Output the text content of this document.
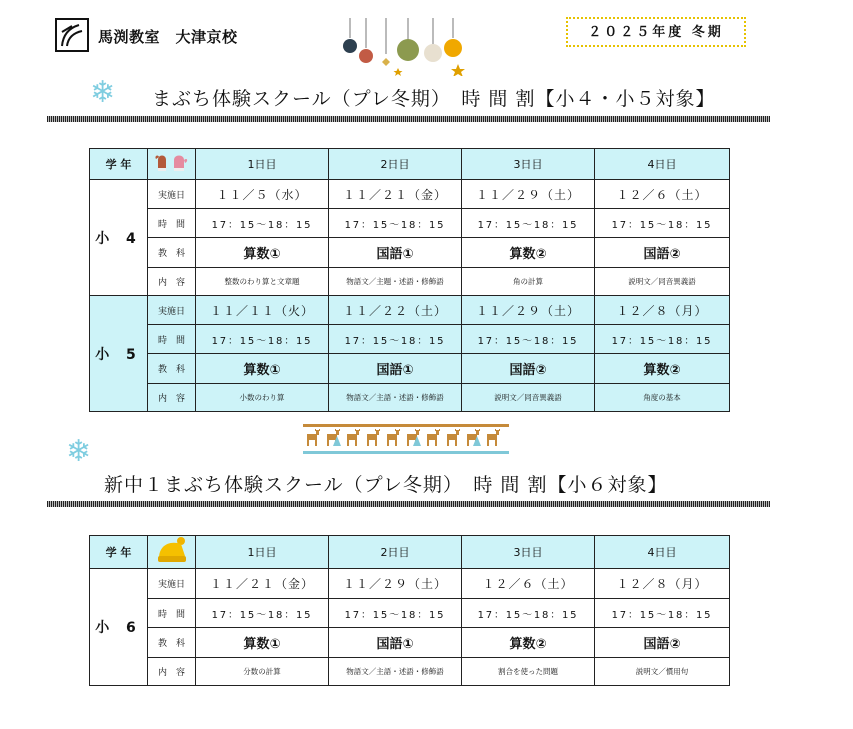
馬渕教室　大津京校	２０２５年度 冬期
❄ まぶち体験スクール（プレ冬期）　時 間 割【小４・小５対象】
学 年		1日目	2日目	3日目	4日目
小 4	実施日	１１／５（水）	１１／２１（金）	１１／２９（土）	１２／６（土）
	時　間	17：15～18：15	17：15～18：15	17：15～18：15	17：15～18：15
	教　科	算数①	国語①	算数②	国語②
	内　容	整数のわり算と文章題	物語文／主題・述語・修飾語	角の計算	説明文／同音異義語
小 5	実施日	１１／１１（火）	１１／２２（土）	１１／２９（土）	１２／８（月）
	時　間	17：15～18：15	17：15～18：15	17：15～18：15	17：15～18：15
	教　科	算数①	国語①	国語②	算数②
	内　容	小数のわり算	物語文／主語・述語・修飾語	説明文／同音異義語	角度の基本
❄
新中１まぶち体験スクール（プレ冬期）　時 間 割【小６対象】
学 年		1日目	2日目	3日目	4日目
小 6	実施日	１１／２１（金）	１１／２９（土）	１２／６（土）	１２／８（月）
	時　間	17：15～18：15	17：15～18：15	17：15～18：15	17：15～18：15
	教　科	算数①	国語①	算数②	国語②
	内　容	分数の計算	物語文／主語・述語・修飾語	割合を使った問題	説明文／慣用句
